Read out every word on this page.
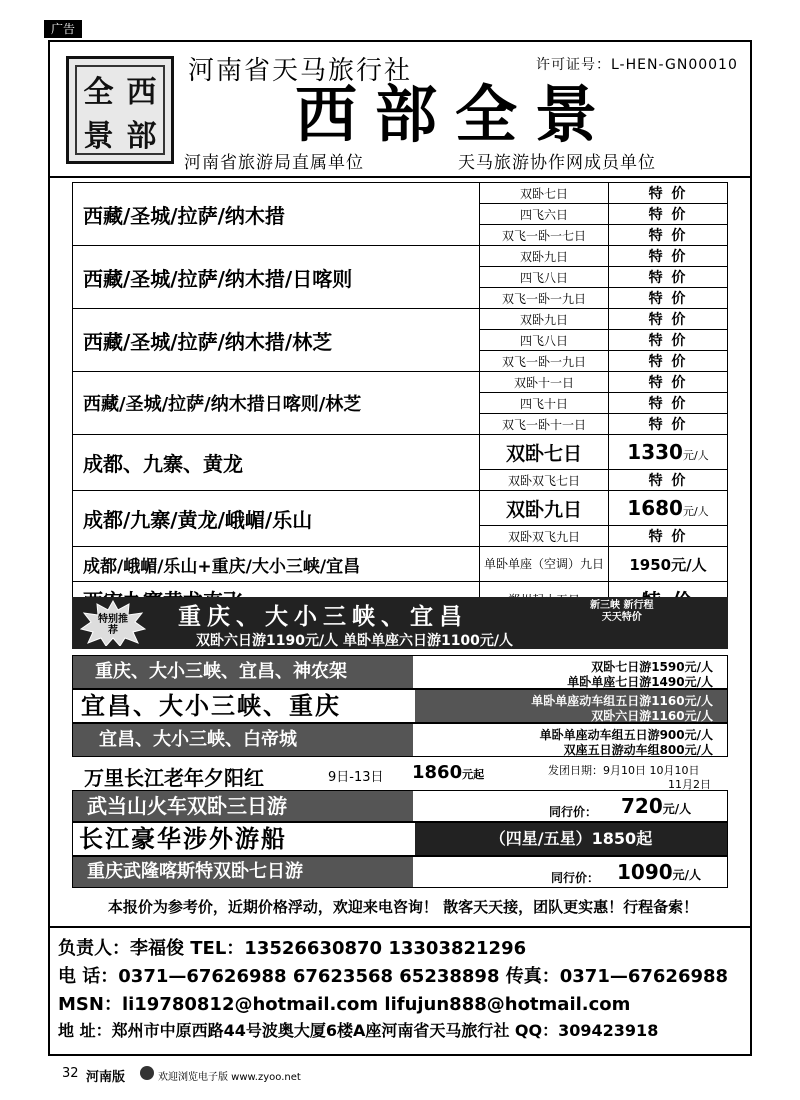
广告
全 西
景 部
河南省天马旅行社	许可证号：L-HEN-GN00010
西部全景
河南省旅游局直属单位	天马旅游协作网成员单位
西藏/圣城/拉萨/纳木措	双卧七日	特 价
	四飞六日	特 价
	双飞一卧一七日	特 价
西藏/圣城/拉萨/纳木措/日喀则	双卧九日	特 价
	四飞八日	特 价
	双飞一卧一九日	特 价
西藏/圣城/拉萨/纳木措/林芝	双卧九日	特 价
	四飞八日	特 价
	双飞一卧一九日	特 价
西藏/圣城/拉萨/纳木措日喀则/林芝	双卧十一日	特 价
	四飞十日	特 价
	双飞一卧十一日	特 价
成都、九寨、黄龙	双卧七日	1330元/人
	双卧双飞七日	特 价
成都/九寨/黄龙/峨嵋/乐山	双卧九日	1680元/人
	双卧双飞九日	特 价
成都/峨嵋/乐山+重庆/大小三峡/宜昌	单卧单座（空调）九日	1950元/人

特别推荐
重庆、大小三峡、宜昌	新三峡 新行程
天天特价
双卧六日游1190元/人 单卧单座六日游1100元/人
重庆、大小三峡、宜昌、神农架	双卧七日游1590元/人
单卧单座七日游1490元/人
宜昌、大小三峡、重庆	单卧单座动车组五日游1160元/人
双卧六日游1160元/人
宜昌、大小三峡、白帝城	单卧单座动车组五日游900元/人
双座五日游动车组800元/人
万里长江老年夕阳红	9日-13日 1860元起	发团日期：9月10日 10月10日
11月2日
武当山火车双卧三日游	同行价： 720元/人
长江豪华涉外游船	（四星/五星）1850起
重庆武隆喀斯特双卧七日游	同行价： 1090元/人
本报价为参考价，近期价格浮动，欢迎来电咨询！ 散客天天接，团队更实惠！行程备索！
负责人：李福俊 TEL：13526630870 13303821296
电 话：0371—67626988 67623568 65238898 传真：0371—67626988
MSN：li19780812@hotmail.com lifujun888@hotmail.com
地 址：郑州市中原西路44号波奥大厦6楼A座河南省天马旅行社 QQ：309423918
32 河南版	欢迎浏览电子版 www.zyoo.net
